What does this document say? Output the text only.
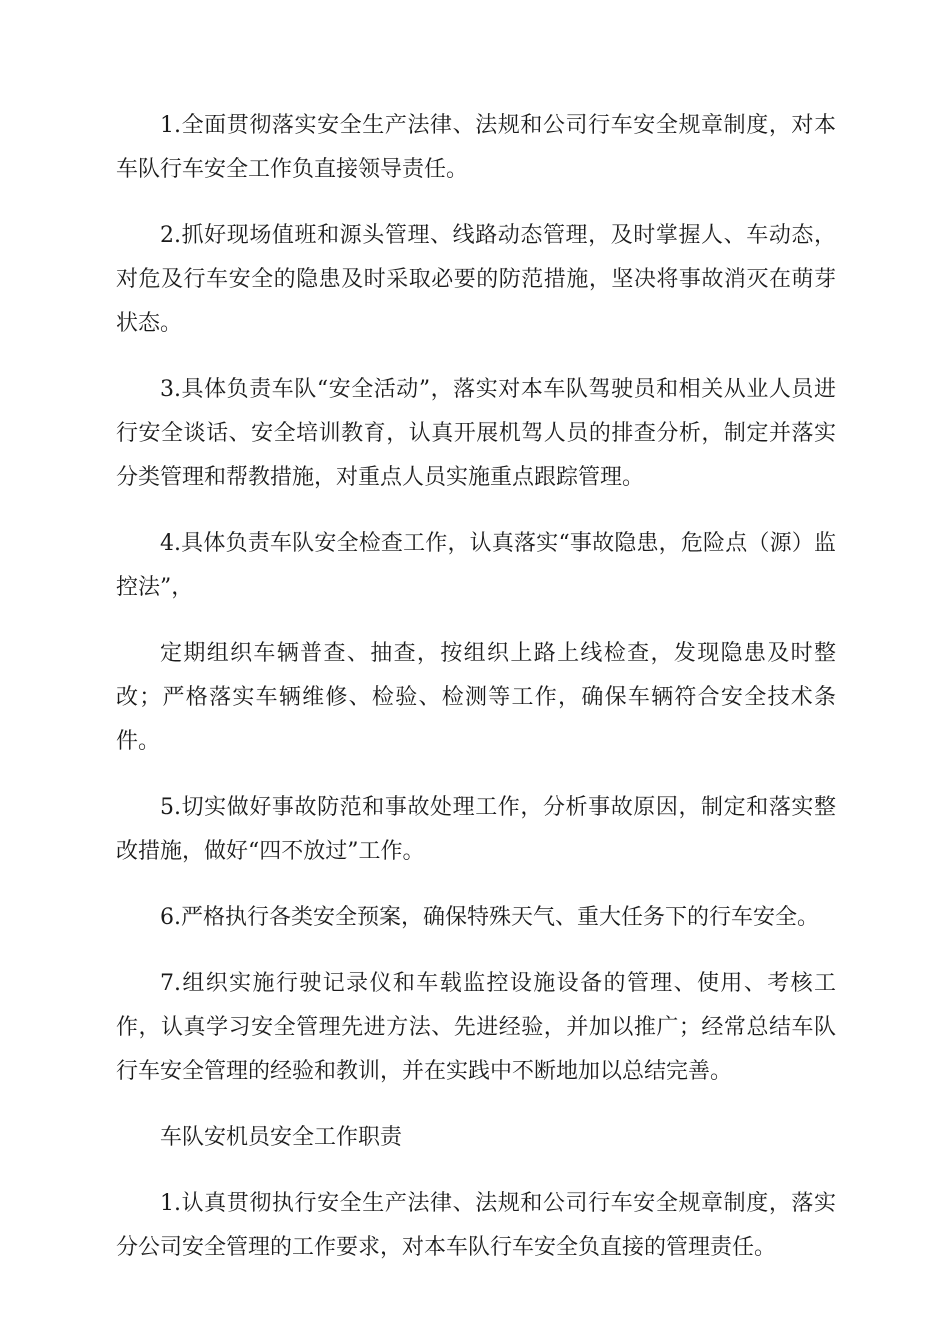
1.全面贯彻落实安全生产法律、法规和公司行车安全规章制度，对本车队行车安全工作负直接领导责任。

2.抓好现场值班和源头管理、线路动态管理，及时掌握人、车动态，对危及行车安全的隐患及时采取必要的防范措施，坚决将事故消灭在萌芽状态。

3.具体负责车队“安全活动”，落实对本车队驾驶员和相关从业人员进行安全谈话、安全培训教育，认真开展机驾人员的排查分析，制定并落实分类管理和帮教措施，对重点人员实施重点跟踪管理。

4.具体负责车队安全检查工作，认真落实“事故隐患，危险点（源）监控法”，

定期组织车辆普查、抽查，按组织上路上线检查，发现隐患及时整改；严格落实车辆维修、检验、检测等工作，确保车辆符合安全技术条件。

5.切实做好事故防范和事故处理工作，分析事故原因，制定和落实整改措施，做好“四不放过”工作。

6.严格执行各类安全预案，确保特殊天气、重大任务下的行车安全。

7.组织实施行驶记录仪和车载监控设施设备的管理、使用、考核工作，认真学习安全管理先进方法、先进经验，并加以推广；经常总结车队行车安全管理的经验和教训，并在实践中不断地加以总结完善。

车队安机员安全工作职责

1.认真贯彻执行安全生产法律、法规和公司行车安全规章制度，落实分公司安全管理的工作要求，对本车队行车安全负直接的管理责任。
